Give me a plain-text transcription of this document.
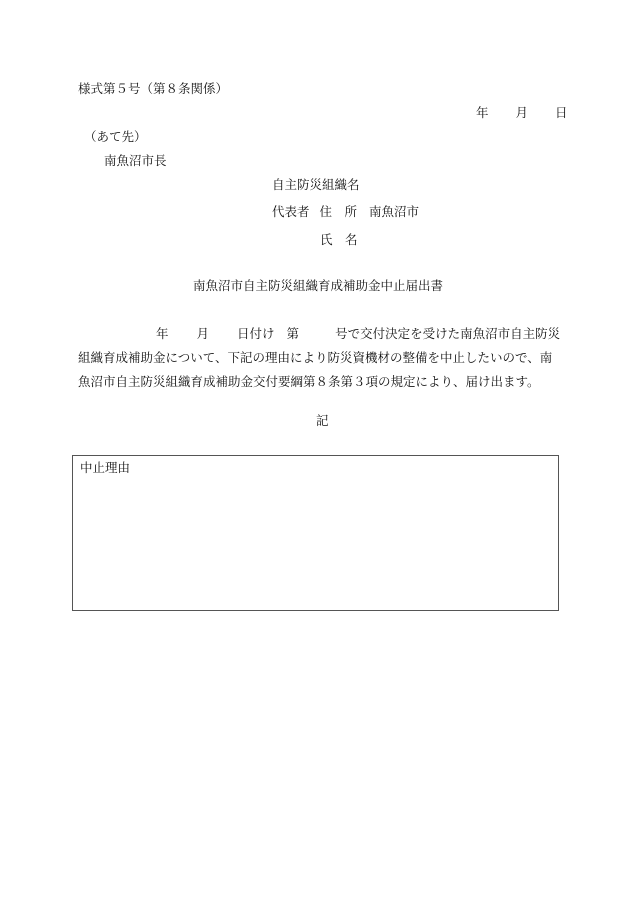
様式第５号（第８条関係）
年 月 日
（あて先）
南魚沼市長
自主防災組織名
代表者 住　所 南魚沼市
氏　名
南魚沼市自主防災組織育成補助金中止届出書
年 月 日付け 第	号で交付決定を受けた南魚沼市自主防災
組織育成補助金について、下記の理由により防災資機材の整備を中止したいので、南
魚沼市自主防災組織育成補助金交付要綱第８条第３項の規定により、届け出ます。
記
中止理由
